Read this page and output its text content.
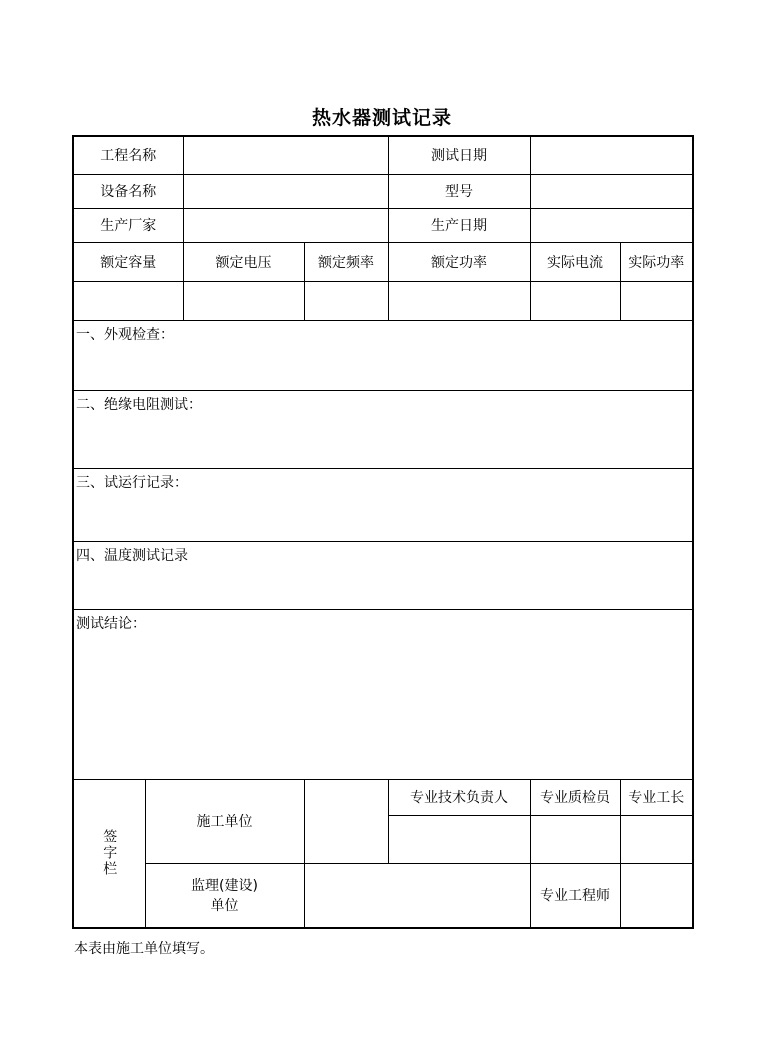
热水器测试记录
工程名称				测试日期		
设备名称				型号		
生产厂家				生产日期		
额定容量		额定电压	额定频率	额定功率	实际电流	实际功率

一、外观检查：						
二、绝缘电阻测试：						
三、试运行记录：						
四、温度测试记录						
测试结论：						

签字栏	施工单位			专业技术负责人	专业质检员	专业工长

	监理(建设)
单位				专业工程师	
本表由施工单位填写。
